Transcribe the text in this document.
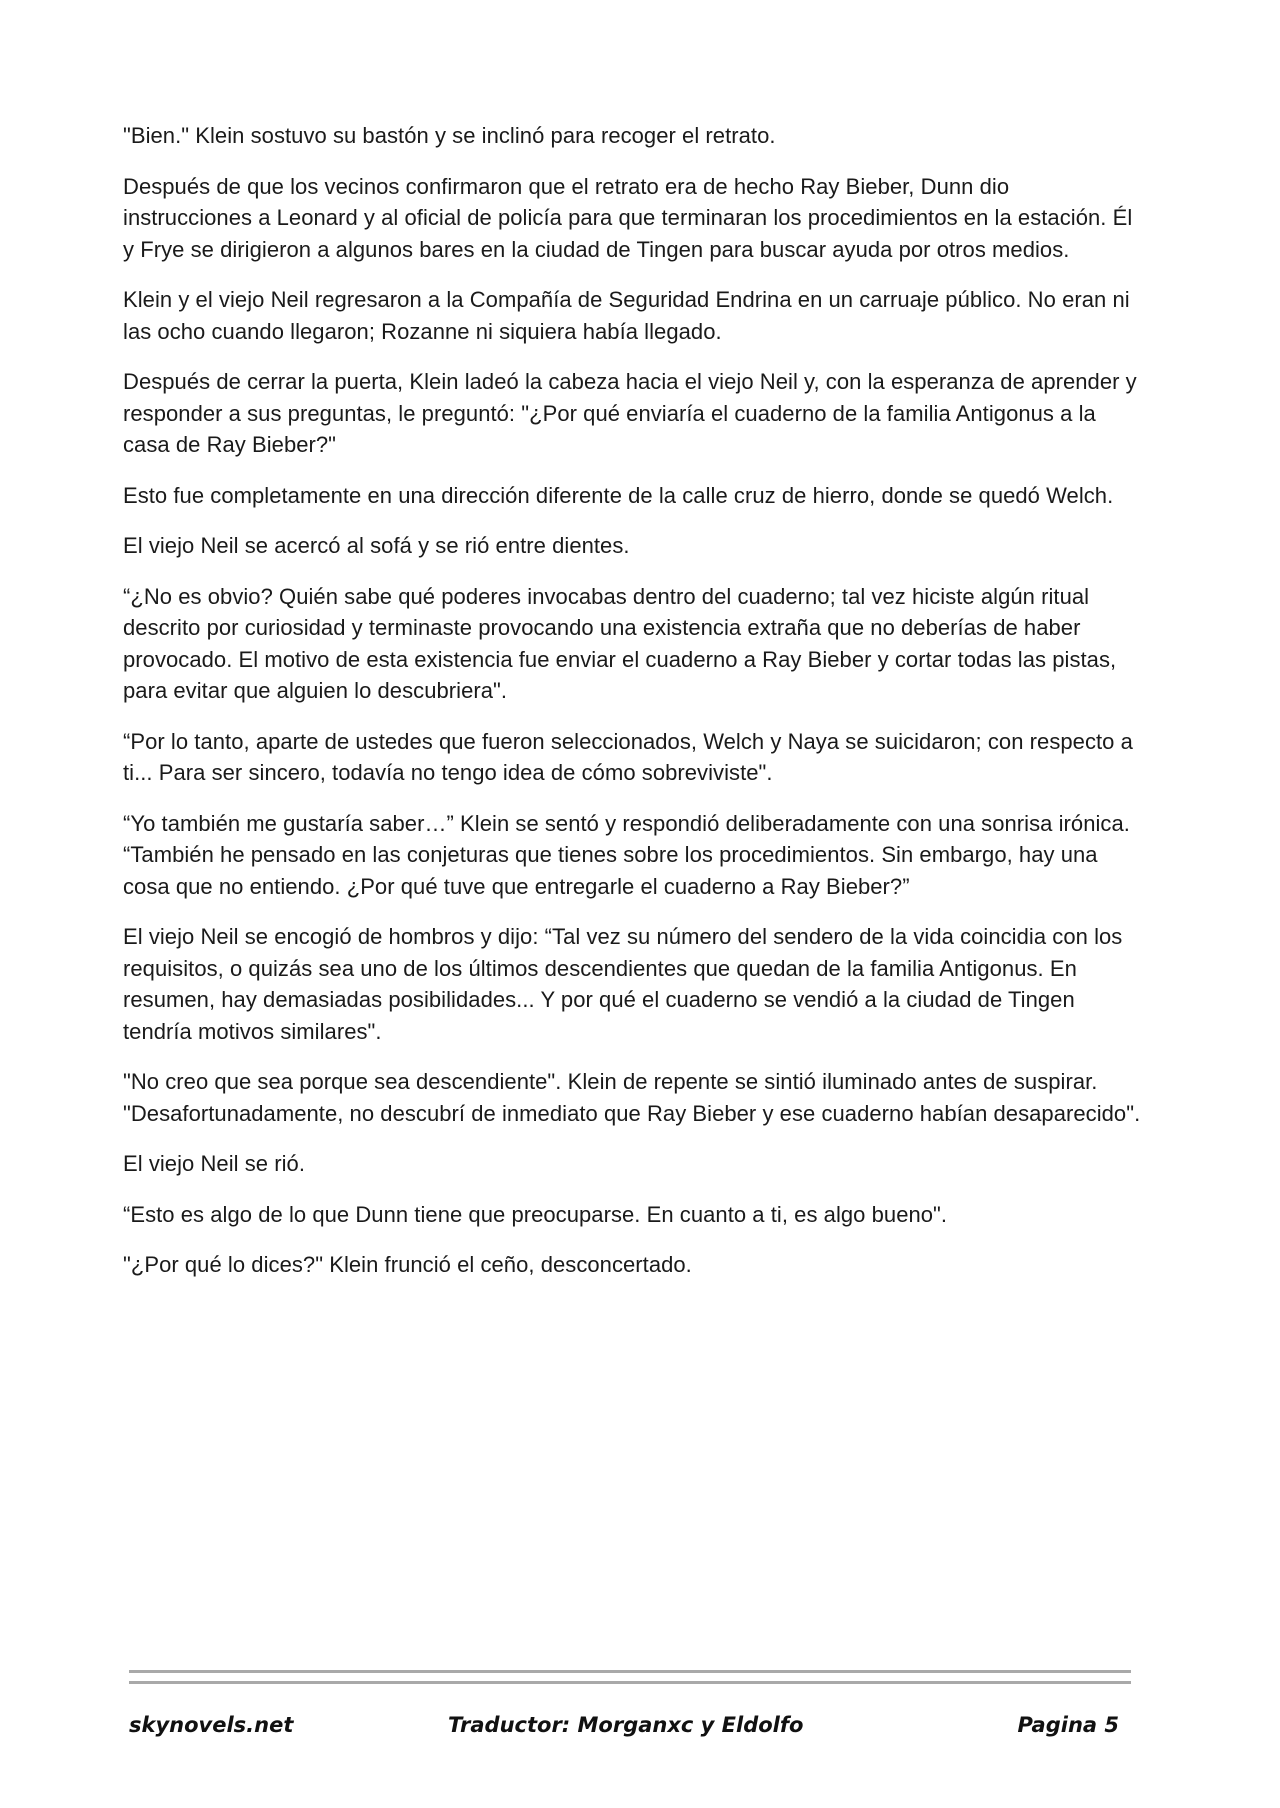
"Bien." Klein sostuvo su bastón y se inclinó para recoger el retrato.

Después de que los vecinos confirmaron que el retrato era de hecho Ray Bieber, Dunn dio instrucciones a Leonard y al oficial de policía para que terminaran los procedimientos en la estación. Él y Frye se dirigieron a algunos bares en la ciudad de Tingen para buscar ayuda por otros medios.

Klein y el viejo Neil regresaron a la Compañía de Seguridad Endrina en un carruaje público. No eran ni las ocho cuando llegaron; Rozanne ni siquiera había llegado.

Después de cerrar la puerta, Klein ladeó la cabeza hacia el viejo Neil y, con la esperanza de aprender y responder a sus preguntas, le preguntó: "¿Por qué enviaría el cuaderno de la familia Antigonus a la casa de Ray Bieber?"

Esto fue completamente en una dirección diferente de la calle cruz de hierro, donde se quedó Welch.

El viejo Neil se acercó al sofá y se rió entre dientes.

“¿No es obvio? Quién sabe qué poderes invocabas dentro del cuaderno; tal vez hiciste algún ritual descrito por curiosidad y terminaste provocando una existencia extraña que no deberías de haber provocado. El motivo de esta existencia fue enviar el cuaderno a Ray Bieber y cortar todas las pistas, para evitar que alguien lo descubriera".

“Por lo tanto, aparte de ustedes que fueron seleccionados, Welch y Naya se suicidaron; con respecto a ti... Para ser sincero, todavía no tengo idea de cómo sobreviviste".

“Yo también me gustaría saber…” Klein se sentó y respondió deliberadamente con una sonrisa irónica. “También he pensado en las conjeturas que tienes sobre los procedimientos. Sin embargo, hay una cosa que no entiendo. ¿Por qué tuve que entregarle el cuaderno a Ray Bieber?”

El viejo Neil se encogió de hombros y dijo: “Tal vez su número del sendero de la vida coincidia con los requisitos, o quizás sea uno de los últimos descendientes que quedan de la familia Antigonus. En resumen, hay demasiadas posibilidades... Y por qué el cuaderno se vendió a la ciudad de Tingen tendría motivos similares".

"No creo que sea porque sea descendiente". Klein de repente se sintió iluminado antes de suspirar. "Desafortunadamente, no descubrí de inmediato que Ray Bieber y ese cuaderno habían desaparecido".

El viejo Neil se rió.

“Esto es algo de lo que Dunn tiene que preocuparse. En cuanto a ti, es algo bueno".

"¿Por qué lo dices?" Klein frunció el ceño, desconcertado.

skynovels.net	Traductor: Morganxc y Eldolfo	Pagina 5
